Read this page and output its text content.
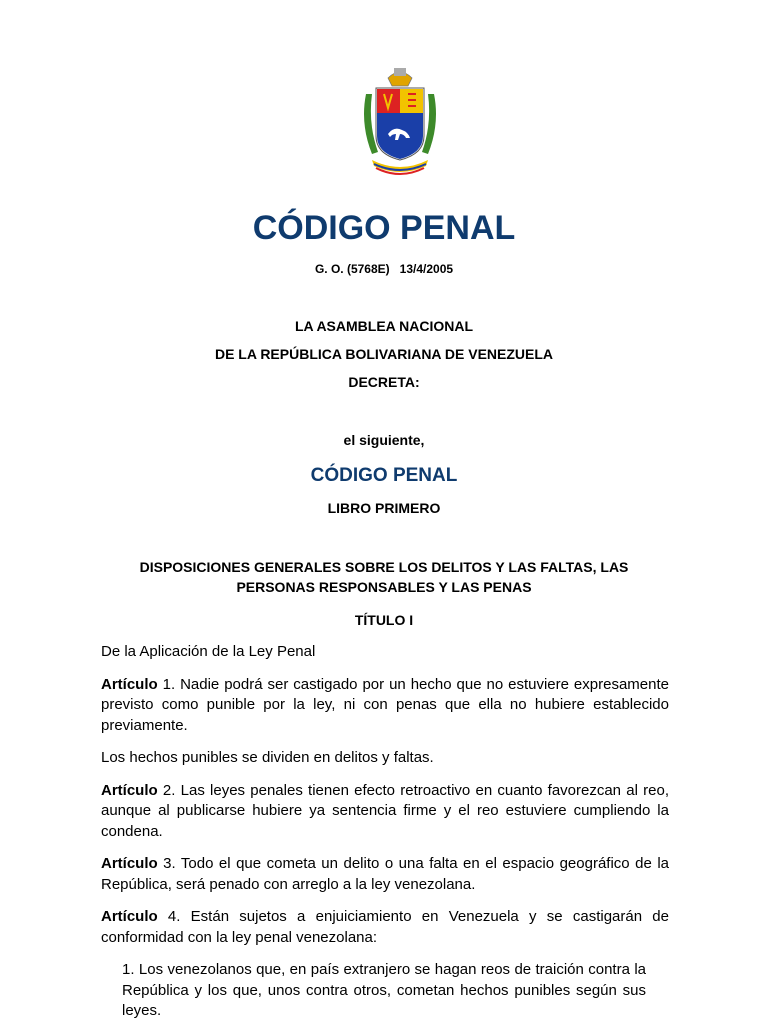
CÓDIGO PENAL
G. O. (5768E)   13/4/2005
LA ASAMBLEA NACIONAL
DE LA REPÚBLICA BOLIVARIANA DE VENEZUELA
DECRETA:
el siguiente,
CÓDIGO PENAL
LIBRO PRIMERO
DISPOSICIONES GENERALES SOBRE LOS DELITOS Y LAS FALTAS, LAS PERSONAS RESPONSABLES Y LAS PENAS
TÍTULO I
De la Aplicación de la Ley Penal
Artículo 1. Nadie podrá ser castigado por un hecho que no estuviere expresamente previsto como punible por la ley, ni con penas que ella no hubiere establecido previamente.
Los hechos punibles se dividen en delitos y faltas.
Artículo 2. Las leyes penales tienen efecto retroactivo en cuanto favorezcan al reo, aunque al publicarse hubiere ya sentencia firme y el reo estuviere cumpliendo la condena.
Artículo 3. Todo el que cometa un delito o una falta en el espacio geográfico de la República, será penado con arreglo a la ley venezolana.
Artículo 4. Están sujetos a enjuiciamiento en Venezuela y se castigarán de conformidad con la ley penal venezolana:
1. Los venezolanos que, en país extranjero se hagan reos de traición contra la República y los que, unos contra otros, cometan hechos punibles según sus leyes.
